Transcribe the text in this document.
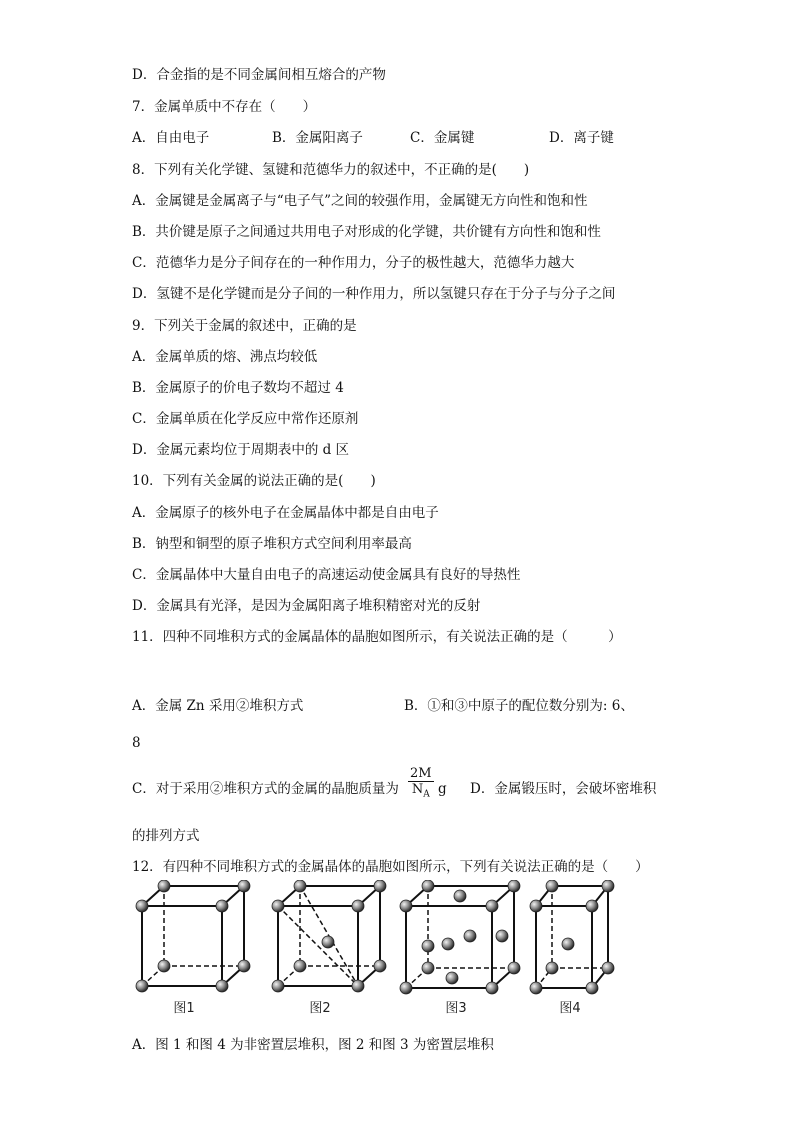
D．合金指的是不同金属间相互熔合的产物
7．金属单质中不存在（　　）
A．自由电子	B．金属阳离子	C．金属键	D．离子键
8．下列有关化学键、氢键和范德华力的叙述中，不正确的是(　　)
A．金属键是金属离子与“电子气”之间的较强作用，金属键无方向性和饱和性
B．共价键是原子之间通过共用电子对形成的化学键，共价键有方向性和饱和性
C．范德华力是分子间存在的一种作用力，分子的极性越大，范德华力越大
D．氢键不是化学键而是分子间的一种作用力，所以氢键只存在于分子与分子之间
9．下列关于金属的叙述中，正确的是
A．金属单质的熔、沸点均较低
B．金属原子的价电子数均不超过 4
C．金属单质在化学反应中常作还原剂
D．金属元素均位于周期表中的 d 区
10．下列有关金属的说法正确的是(　　)
A．金属原子的核外电子在金属晶体中都是自由电子
B．钠型和铜型的原子堆积方式空间利用率最高
C．金属晶体中大量自由电子的高速运动使金属具有良好的导热性
D．金属具有光泽，是因为金属阳离子堆积精密对光的反射
11．四种不同堆积方式的金属晶体的晶胞如图所示，有关说法正确的是（　　　）
A．金属 Zn 采用②堆积方式	B．①和③中原子的配位数分别为: 6、
8
C．对于采用②堆积方式的金属的晶胞质量为 $\frac{2M}{N_A}$ g D．金属锻压时，会破坏密堆积
的排列方式
12．有四种不同堆积方式的金属晶体的晶胞如图所示，下列有关说法正确的是（　　）
图1	图2	图3	图4
A．图 1 和图 4 为非密置层堆积，图 2 和图 3 为密置层堆积
